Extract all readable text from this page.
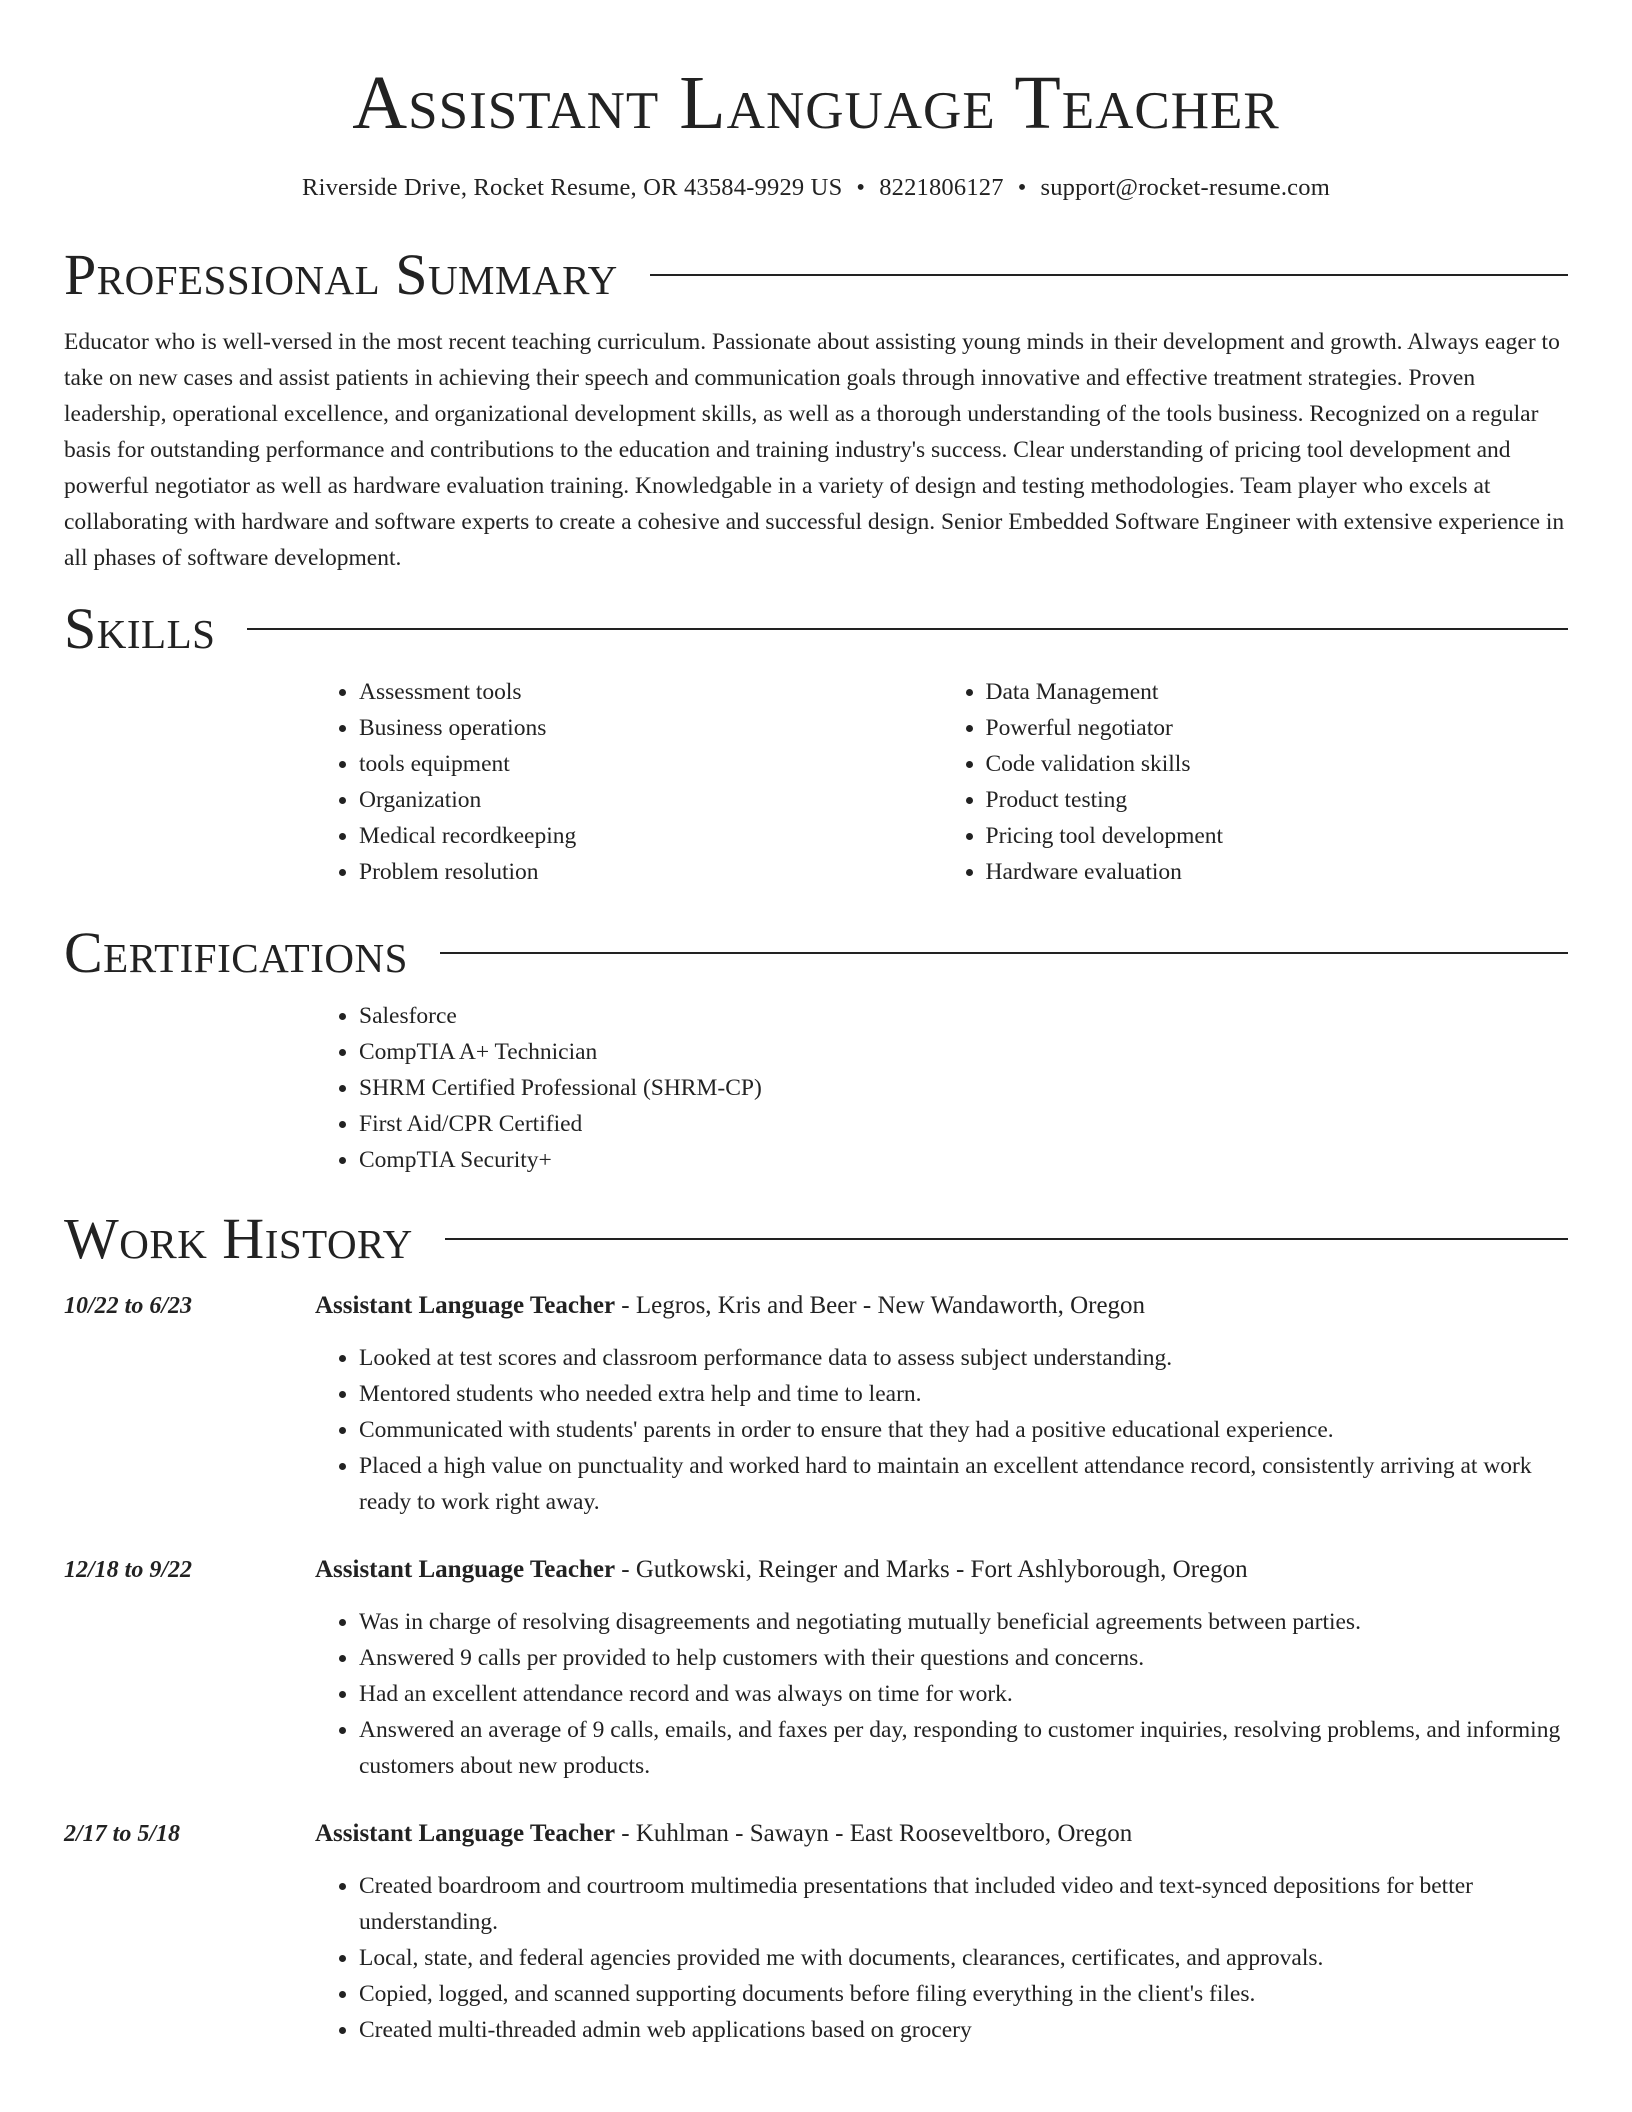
Assistant Language Teacher
Riverside Drive, Rocket Resume, OR 43584-9929 US • 8221806127 • support@rocket-resume.com
Professional Summary

Educator who is well-versed in the most recent teaching curriculum. Passionate about assisting young minds in their development and growth. Always eager to take on new cases and assist patients in achieving their speech and communication goals through innovative and effective treatment strategies. Proven leadership, operational excellence, and organizational development skills, as well as a thorough understanding of the tools business. Recognized on a regular basis for outstanding performance and contributions to the education and training industry's success. Clear understanding of pricing tool development and powerful negotiator as well as hardware evaluation training. Knowledgable in a variety of design and testing methodologies. Team player who excels at collaborating with hardware and software experts to create a cohesive and successful design. Senior Embedded Software Engineer with extensive experience in all phases of software development.

Skills
• Assessment tools
• Business operations
• tools equipment
• Organization
• Medical recordkeeping
• Problem resolution
• Data Management
• Powerful negotiator
• Code validation skills
• Product testing
• Pricing tool development
• Hardware evaluation
Certifications
• Salesforce
• CompTIA A+ Technician
• SHRM Certified Professional (SHRM-CP)
• First Aid/CPR Certified
• CompTIA Security+
Work History
10/22 to 6/23	Assistant Language Teacher - Legros, Kris and Beer - New Wandaworth, Oregon
• Looked at test scores and classroom performance data to assess subject understanding.
• Mentored students who needed extra help and time to learn.
• Communicated with students' parents in order to ensure that they had a positive educational experience.
• Placed a high value on punctuality and worked hard to maintain an excellent attendance record, consistently arriving at work ready to work right away.
12/18 to 9/22	Assistant Language Teacher - Gutkowski, Reinger and Marks - Fort Ashlyborough, Oregon
• Was in charge of resolving disagreements and negotiating mutually beneficial agreements between parties.
• Answered 9 calls per provided to help customers with their questions and concerns.
• Had an excellent attendance record and was always on time for work.
• Answered an average of 9 calls, emails, and faxes per day, responding to customer inquiries, resolving problems, and informing customers about new products.
2/17 to 5/18	Assistant Language Teacher - Kuhlman - Sawayn - East Rooseveltboro, Oregon
• Created boardroom and courtroom multimedia presentations that included video and text-synced depositions for better understanding.
• Local, state, and federal agencies provided me with documents, clearances, certificates, and approvals.
• Copied, logged, and scanned supporting documents before filing everything in the client's files.
• Created multi-threaded admin web applications based on grocery
